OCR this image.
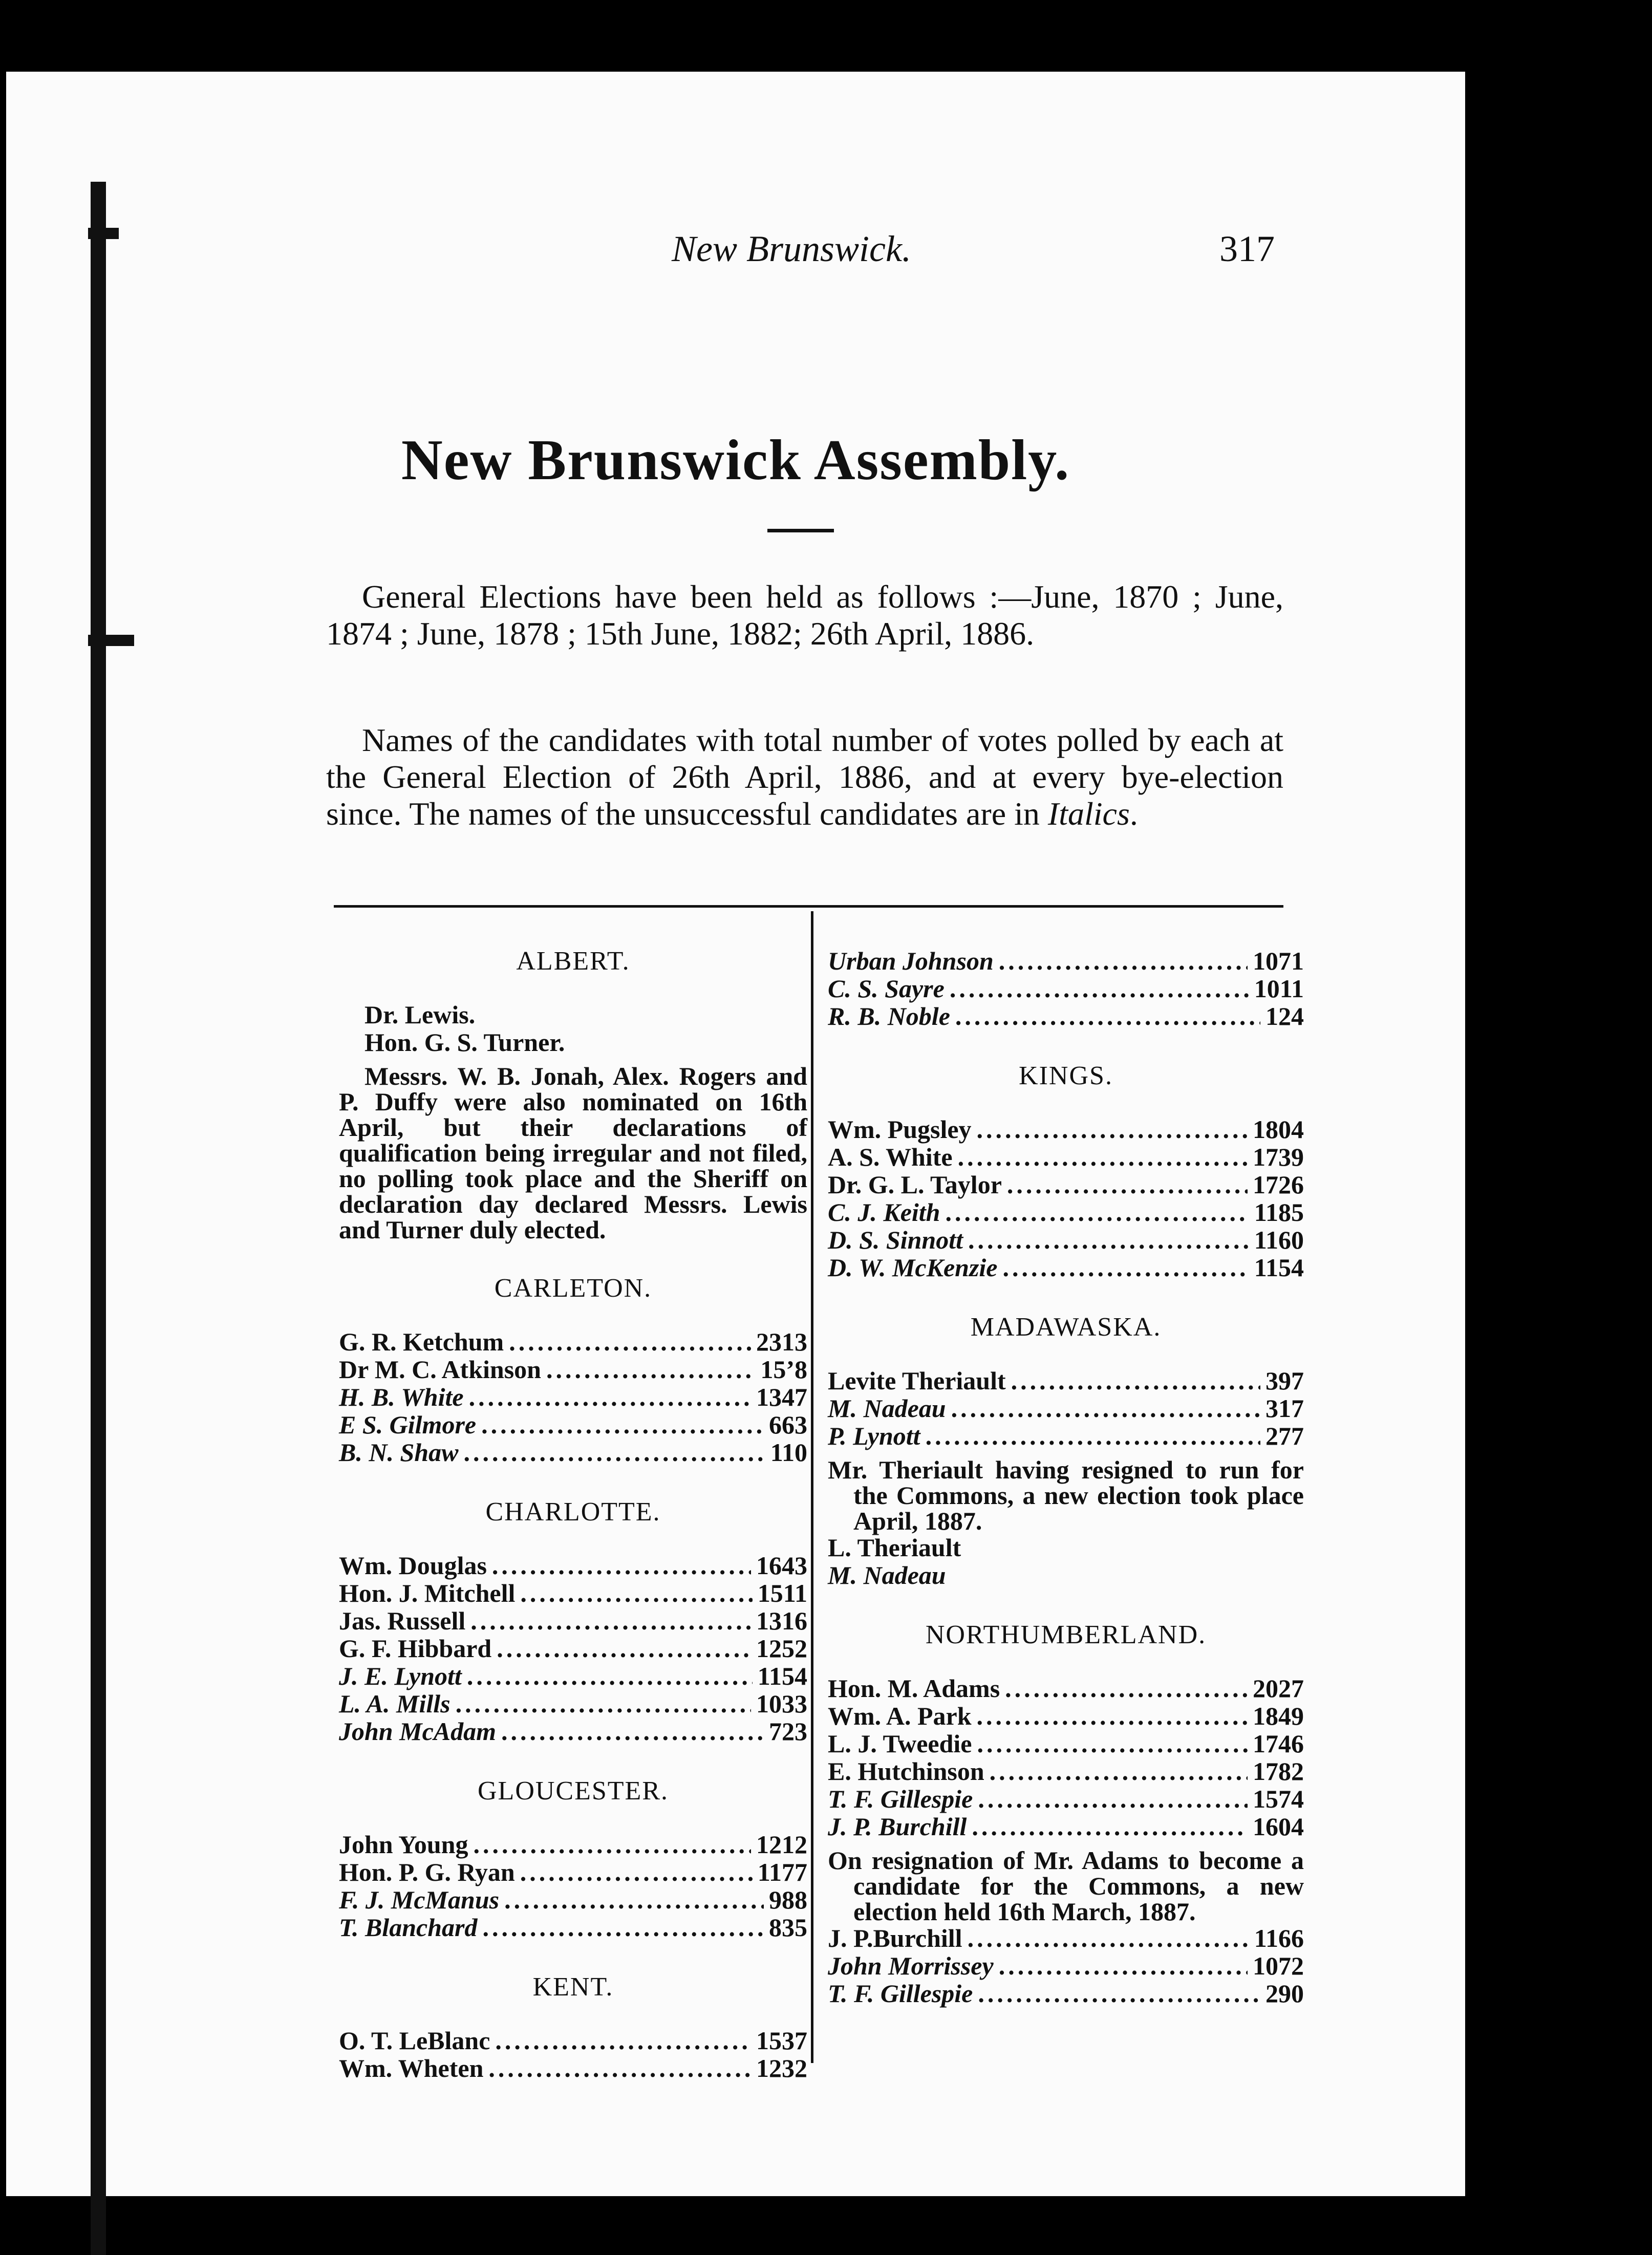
New Brunswick.	317
New Brunswick Assembly.
General Elections have been held as follows :—June, 1870 ; June, 1874 ; June, 1878 ; 15th June, 1882; 26th April, 1886.
Names of the candidates with total number of votes polled by each at the General Election of 26th April, 1886, and at every bye-election since. The names of the unsuccessful candidates are in Italics.
ALBERT.
Dr. Lewis.
Hon. G. S. Turner.
Messrs. W. B. Jonah, Alex. Rogers and P. Duffy were also nominated on 16th April, but their declarations of qualification being irregular and not filed, no polling took place and the Sheriff on declaration day declared Messrs. Lewis and Turner duly elected.
CARLETON.
G. R. Ketchum .....	2313
Dr M. C. Atkinson .....	15ʼ8
H. B. White .....	1347
E S. Gilmore .....	663
B. N. Shaw .....	110
CHARLOTTE.
Wm. Douglas .....	1643
Hon. J. Mitchell .....	1511
Jas. Russell .....	1316
G. F. Hibbard .....	1252
J. E. Lynott .....	1154
L. A. Mills .....	1033
John McAdam .....	723
GLOUCESTER.
John Young .....	1212
Hon. P. G. Ryan .....	1177
F. J. McManus .....	988
T. Blanchard .....	835
KENT.
O. T. LeBlanc .....	1537
Wm. Wheten .....	1232
Urban Johnson .....	1071
C. S. Sayre .....	1011
R. B. Noble .....	124
KINGS.
Wm. Pugsley .....	1804
A. S. White .....	1739
Dr. G. L. Taylor .....	1726
C. J. Keith .....	1185
D. S. Sinnott .....	1160
D. W. McKenzie .....	1154
MADAWASKA.
Levite Theriault .....	397
M. Nadeau .....	317
P. Lynott .....	277
Mr. Theriault having resigned to run for the Commons, a new election took place April, 1887.
L. Theriault
M. Nadeau
NORTHUMBERLAND.
Hon. M. Adams .....	2027
Wm. A. Park .....	1849
L. J. Tweedie .....	1746
E. Hutchinson .....	1782
T. F. Gillespie .....	1574
J. P. Burchill .....	1604
On resignation of Mr. Adams to become a candidate for the Commons, a new election held 16th March, 1887.
J. P.Burchill .....	1166
John Morrissey .....	1072
T. F. Gillespie .....	290
